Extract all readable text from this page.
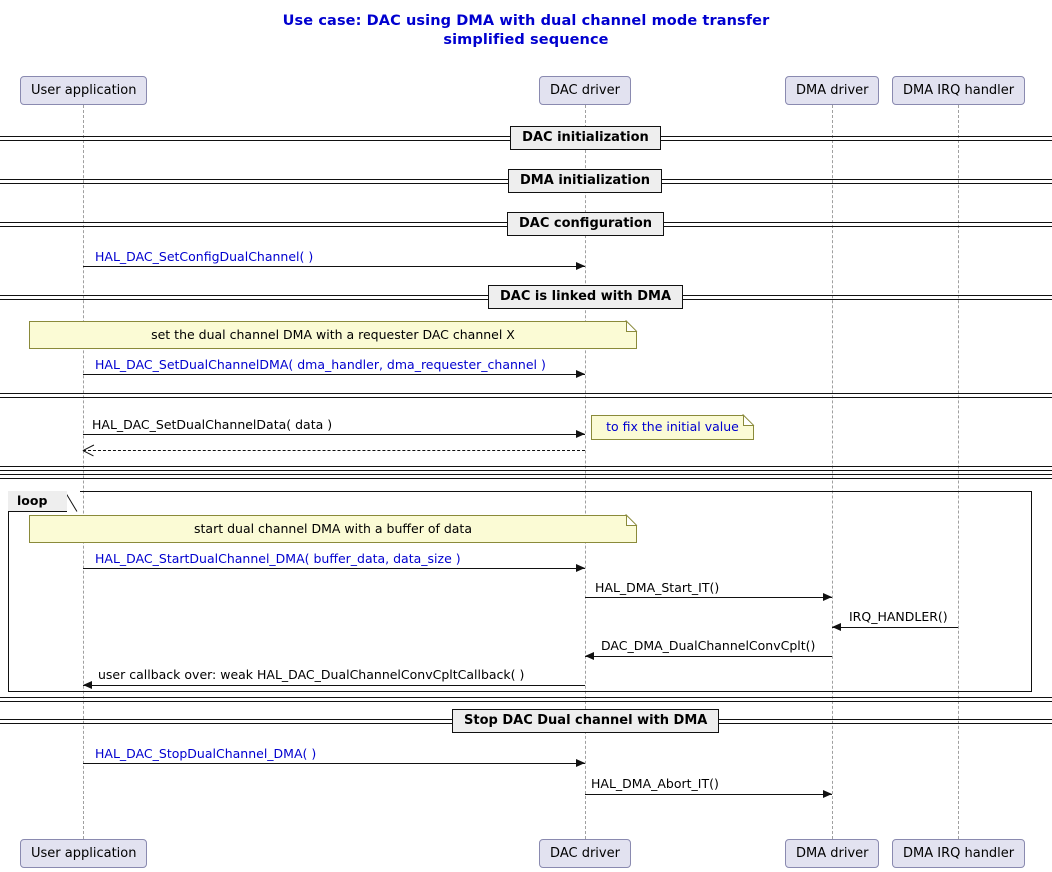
Use case: DAC using DMA with dual channel mode transfer
simplified sequence
loop
HAL_DAC_SetConfigDualChannel( )
HAL_DAC_SetDualChannelDMA( dma_handler, dma_requester_channel )
HAL_DAC_SetDualChannelData( data )
HAL_DAC_StartDualChannel_DMA( buffer_data, data_size )
HAL_DMA_Start_IT()
IRQ_HANDLER()
DAC_DMA_DualChannelConvCplt()
user callback over: weak HAL_DAC_DualChannelConvCpltCallback( )
HAL_DAC_StopDualChannel_DMA( )
HAL_DMA_Abort_IT()
set the dual channel DMA with a requester DAC channel X
start dual channel DMA with a buffer of data
to fix the initial value
DAC initialization
DMA initialization
DAC configuration
DAC is linked with DMA
Stop DAC Dual channel with DMA
User application
User application
DAC driver
DAC driver
DMA driver
DMA driver
DMA IRQ handler
DMA IRQ handler
